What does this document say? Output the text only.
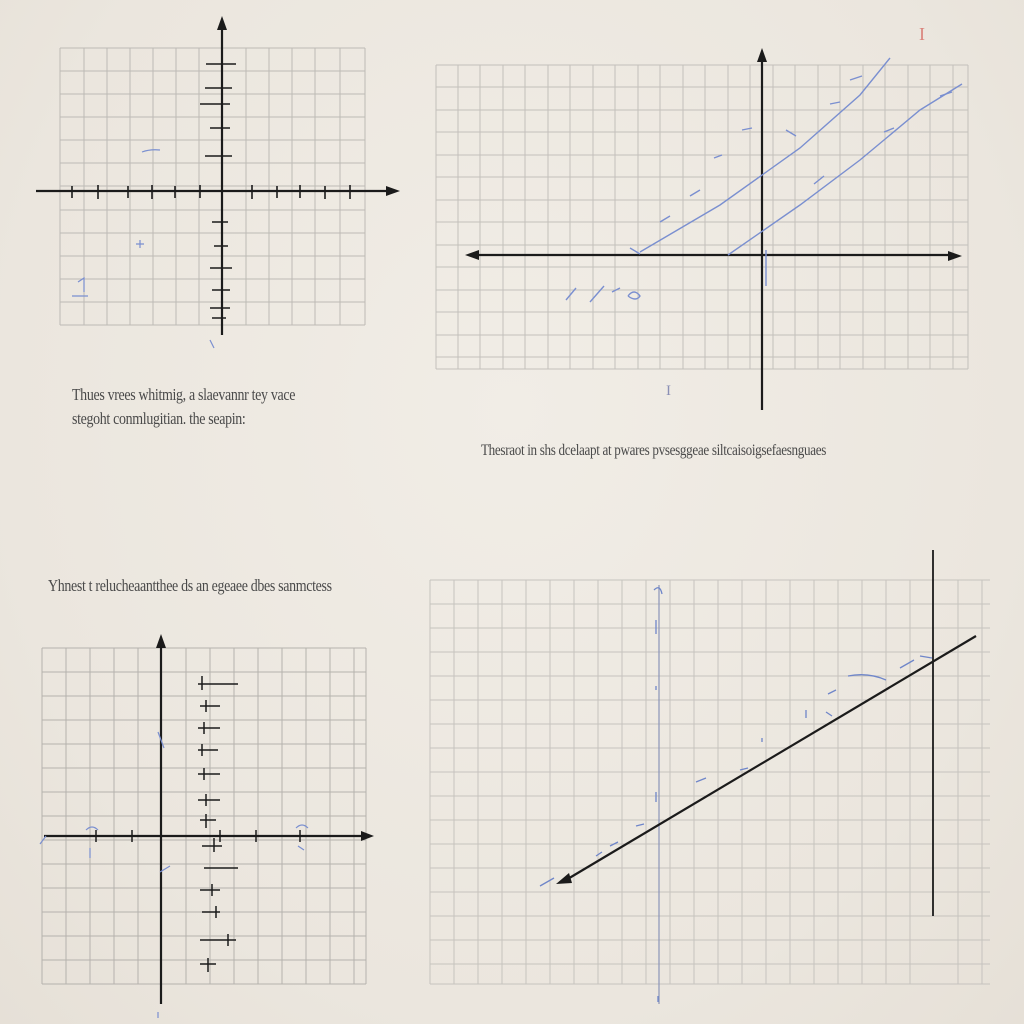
Thues vrees whitmig, a slaevannr tey vace
stegoht conmlugitian. the seapin:
Thesraot in shs dcelaapt at pwares pvsesggeae siltcaisoigsefaesnguaes
Yhnest t relucheaantthee ds an egeaee dbes sanmctess
I
I
